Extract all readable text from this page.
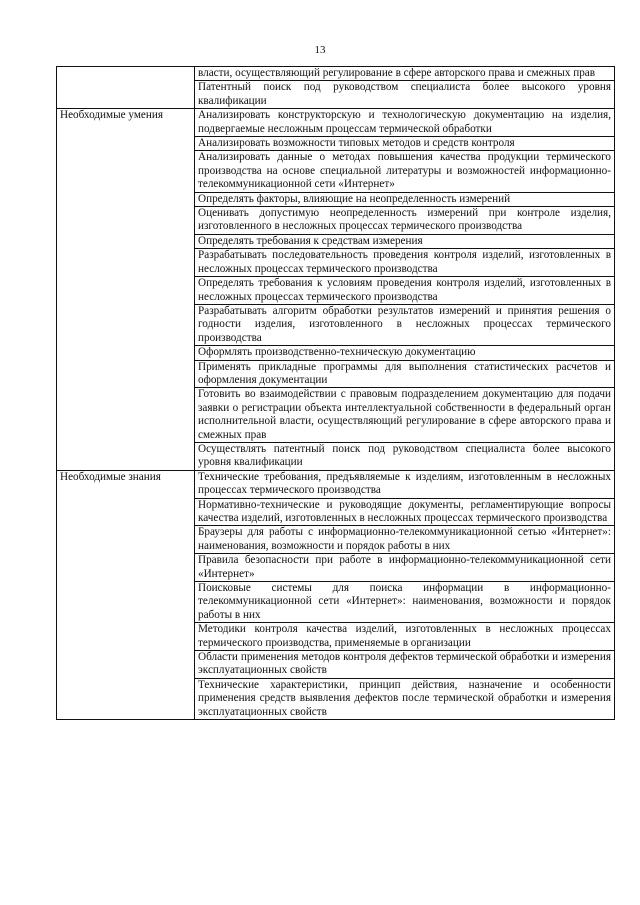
13
	власти, осуществляющий регулирование в сфере авторского права и смежных прав
	Патентный поиск под руководством специалиста более высокого уровня квалификации
Необходимые умения	Анализировать конструкторскую и технологическую документацию на изделия, подвергаемые несложным процессам термической обработки
	Анализировать возможности типовых методов и средств контроля
	Анализировать данные о методах повышения качества продукции термического производства на основе специальной литературы и возможностей информационно-телекоммуникационной сети «Интернет»
	Определять факторы, влияющие на неопределенность измерений
	Оценивать допустимую неопределенность измерений при контроле изделия, изготовленного в несложных процессах термического производства
	Определять требования к средствам измерения
	Разрабатывать последовательность проведения контроля изделий, изготовленных в несложных процессах термического производства
	Определять требования к условиям проведения контроля изделий, изготовленных в несложных процессах термического производства
	Разрабатывать алгоритм обработки результатов измерений и принятия решения о годности изделия, изготовленного в несложных процессах термического производства
	Оформлять производственно-техническую документацию
	Применять прикладные программы для выполнения статистических расчетов и оформления документации
	Готовить во взаимодействии с правовым подразделением документацию для подачи заявки о регистрации объекта интеллектуальной собственности в федеральный орган исполнительной власти, осуществляющий регулирование в сфере авторского права и смежных прав
	Осуществлять патентный поиск под руководством специалиста более высокого уровня квалификации
Необходимые знания	Технические требования, предъявляемые к изделиям, изготовленным в несложных процессах термического производства
	Нормативно-технические и руководящие документы, регламентирующие вопросы качества изделий, изготовленных в несложных процессах термического производства
	Браузеры для работы с информационно-телекоммуникационной сетью «Интернет»: наименования, возможности и порядок работы в них
	Правила безопасности при работе в информационно-телекоммуникационной сети «Интернет»
	Поисковые системы для поиска информации в информационно-телекоммуникационной сети «Интернет»: наименования, возможности и порядок работы в них
	Методики контроля качества изделий, изготовленных в несложных процессах термического производства, применяемые в организации
	Области применения методов контроля дефектов термической обработки и измерения эксплуатационных свойств
	Технические характеристики, принцип действия, назначение и особенности применения средств выявления дефектов после термической обработки и измерения эксплуатационных свойств
